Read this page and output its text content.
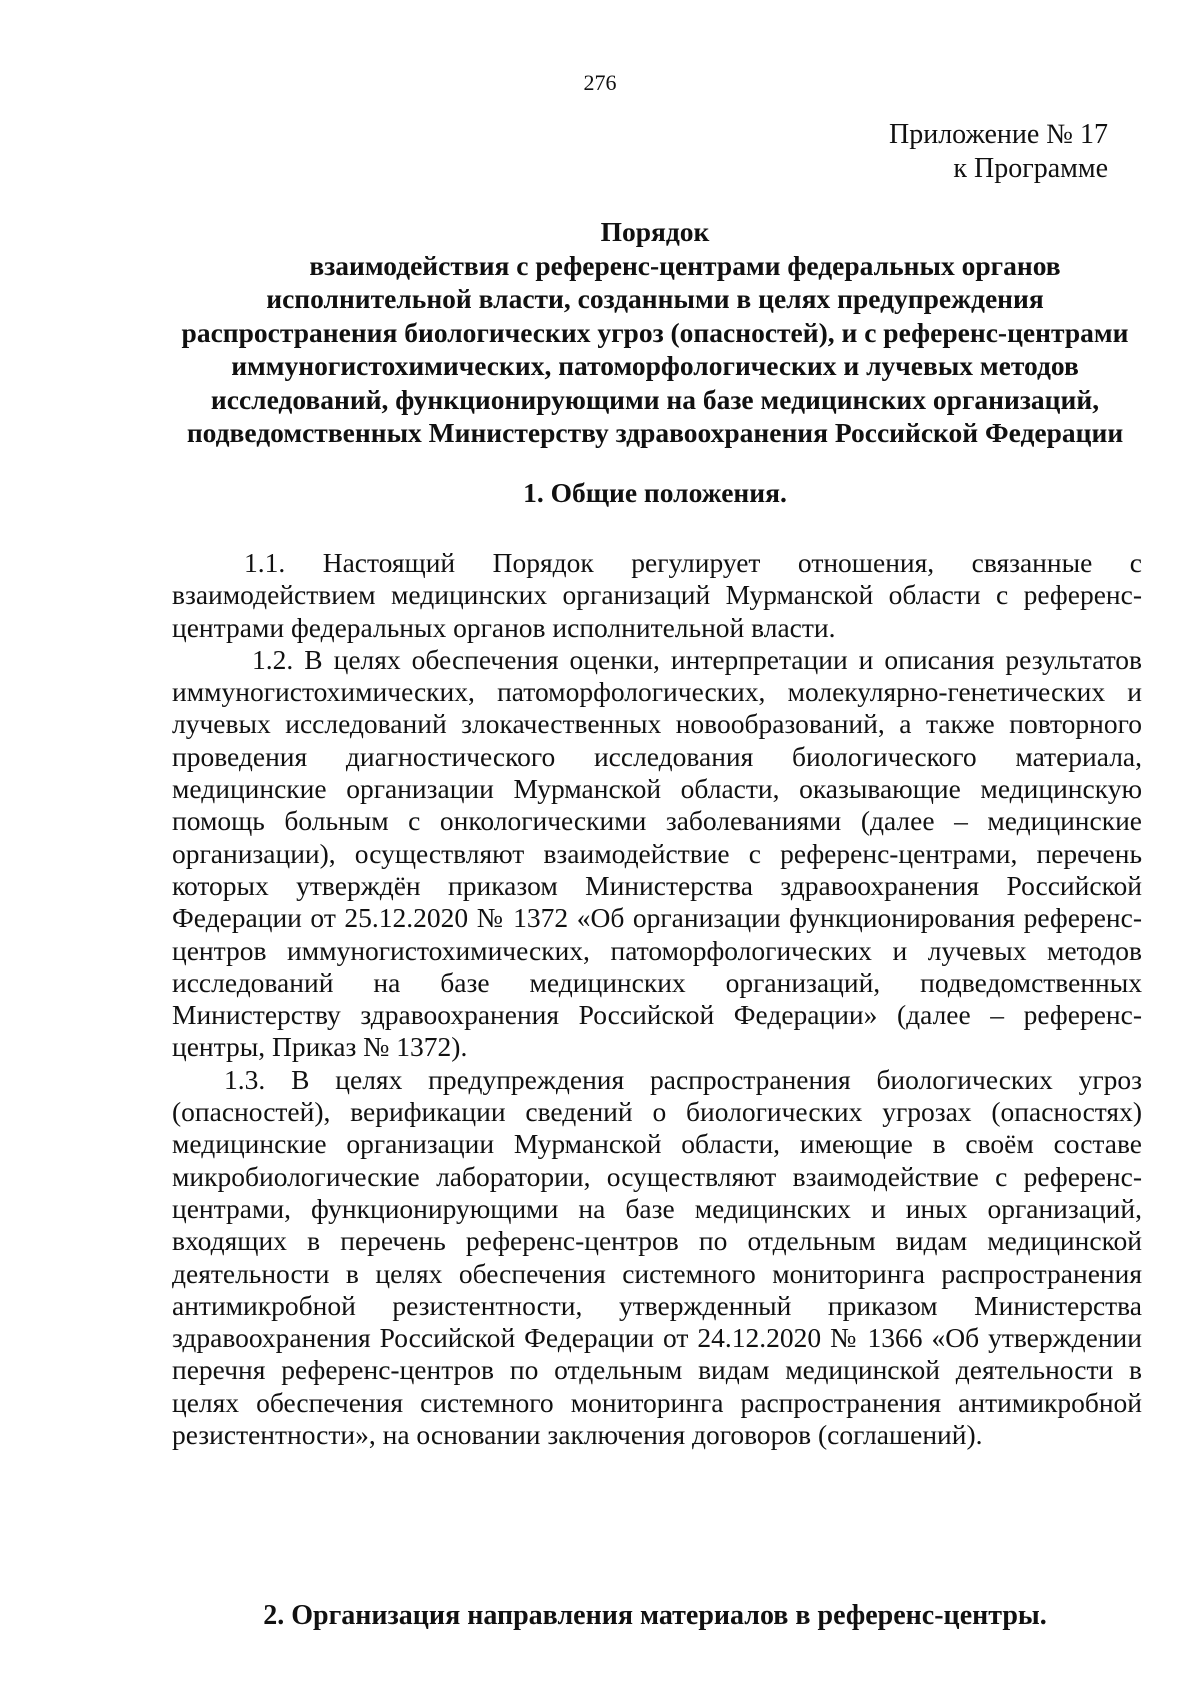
276
Приложение № 17
к Программе
Порядок
взаимодействия с референс-центрами федеральных органов
исполнительной власти, созданными в целях предупреждения
распространения биологических угроз (опасностей), и с референс-центрами
иммуногистохимических, патоморфологических и лучевых методов
исследований, функционирующими на базе медицинских организаций,
подведомственных Министерству здравоохранения Российской Федерации
1. Общие положения.

1.1. Настоящий Порядок регулирует отношения, связанные с взаимодействием медицинских организаций Мурманской области с референс-центрами федеральных органов исполнительной власти.

1.2. В целях обеспечения оценки, интерпретации и описания результатов иммуногистохимических, патоморфологических, молекулярно-генетических и лучевых исследований злокачественных новообразований, а также повторного проведения диагностического исследования биологического материала, медицинские организации Мурманской области, оказывающие медицинскую помощь больным с онкологическими заболеваниями (далее – медицинские организации), осуществляют взаимодействие с референс-центрами, перечень которых утверждён приказом Министерства здравоохранения Российской Федерации от 25.12.2020 № 1372 «Об организации функционирования референс-центров иммуногистохимических, патоморфологических и лучевых методов исследований на базе медицинских организаций, подведомственных Министерству здравоохранения Российской Федерации» (далее – референс-центры, Приказ № 1372).

1.3. В целях предупреждения распространения биологических угроз (опасностей), верификации сведений о биологических угрозах (опасностях) медицинские организации Мурманской области, имеющие в своём составе микробиологические лаборатории, осуществляют взаимодействие с референс-центрами, функционирующими на базе медицинских и иных организаций, входящих в перечень референс-центров по отдельным видам медицинской деятельности в целях обеспечения системного мониторинга распространения антимикробной резистентности, утвержденный приказом Министерства здравоохранения Российской Федерации от 24.12.2020 № 1366 «Об утверждении перечня референс-центров по отдельным видам медицинской деятельности в целях обеспечения системного мониторинга распространения антимикробной резистентности», на основании заключения договоров (соглашений).

2. Организация направления материалов в референс-центры.
